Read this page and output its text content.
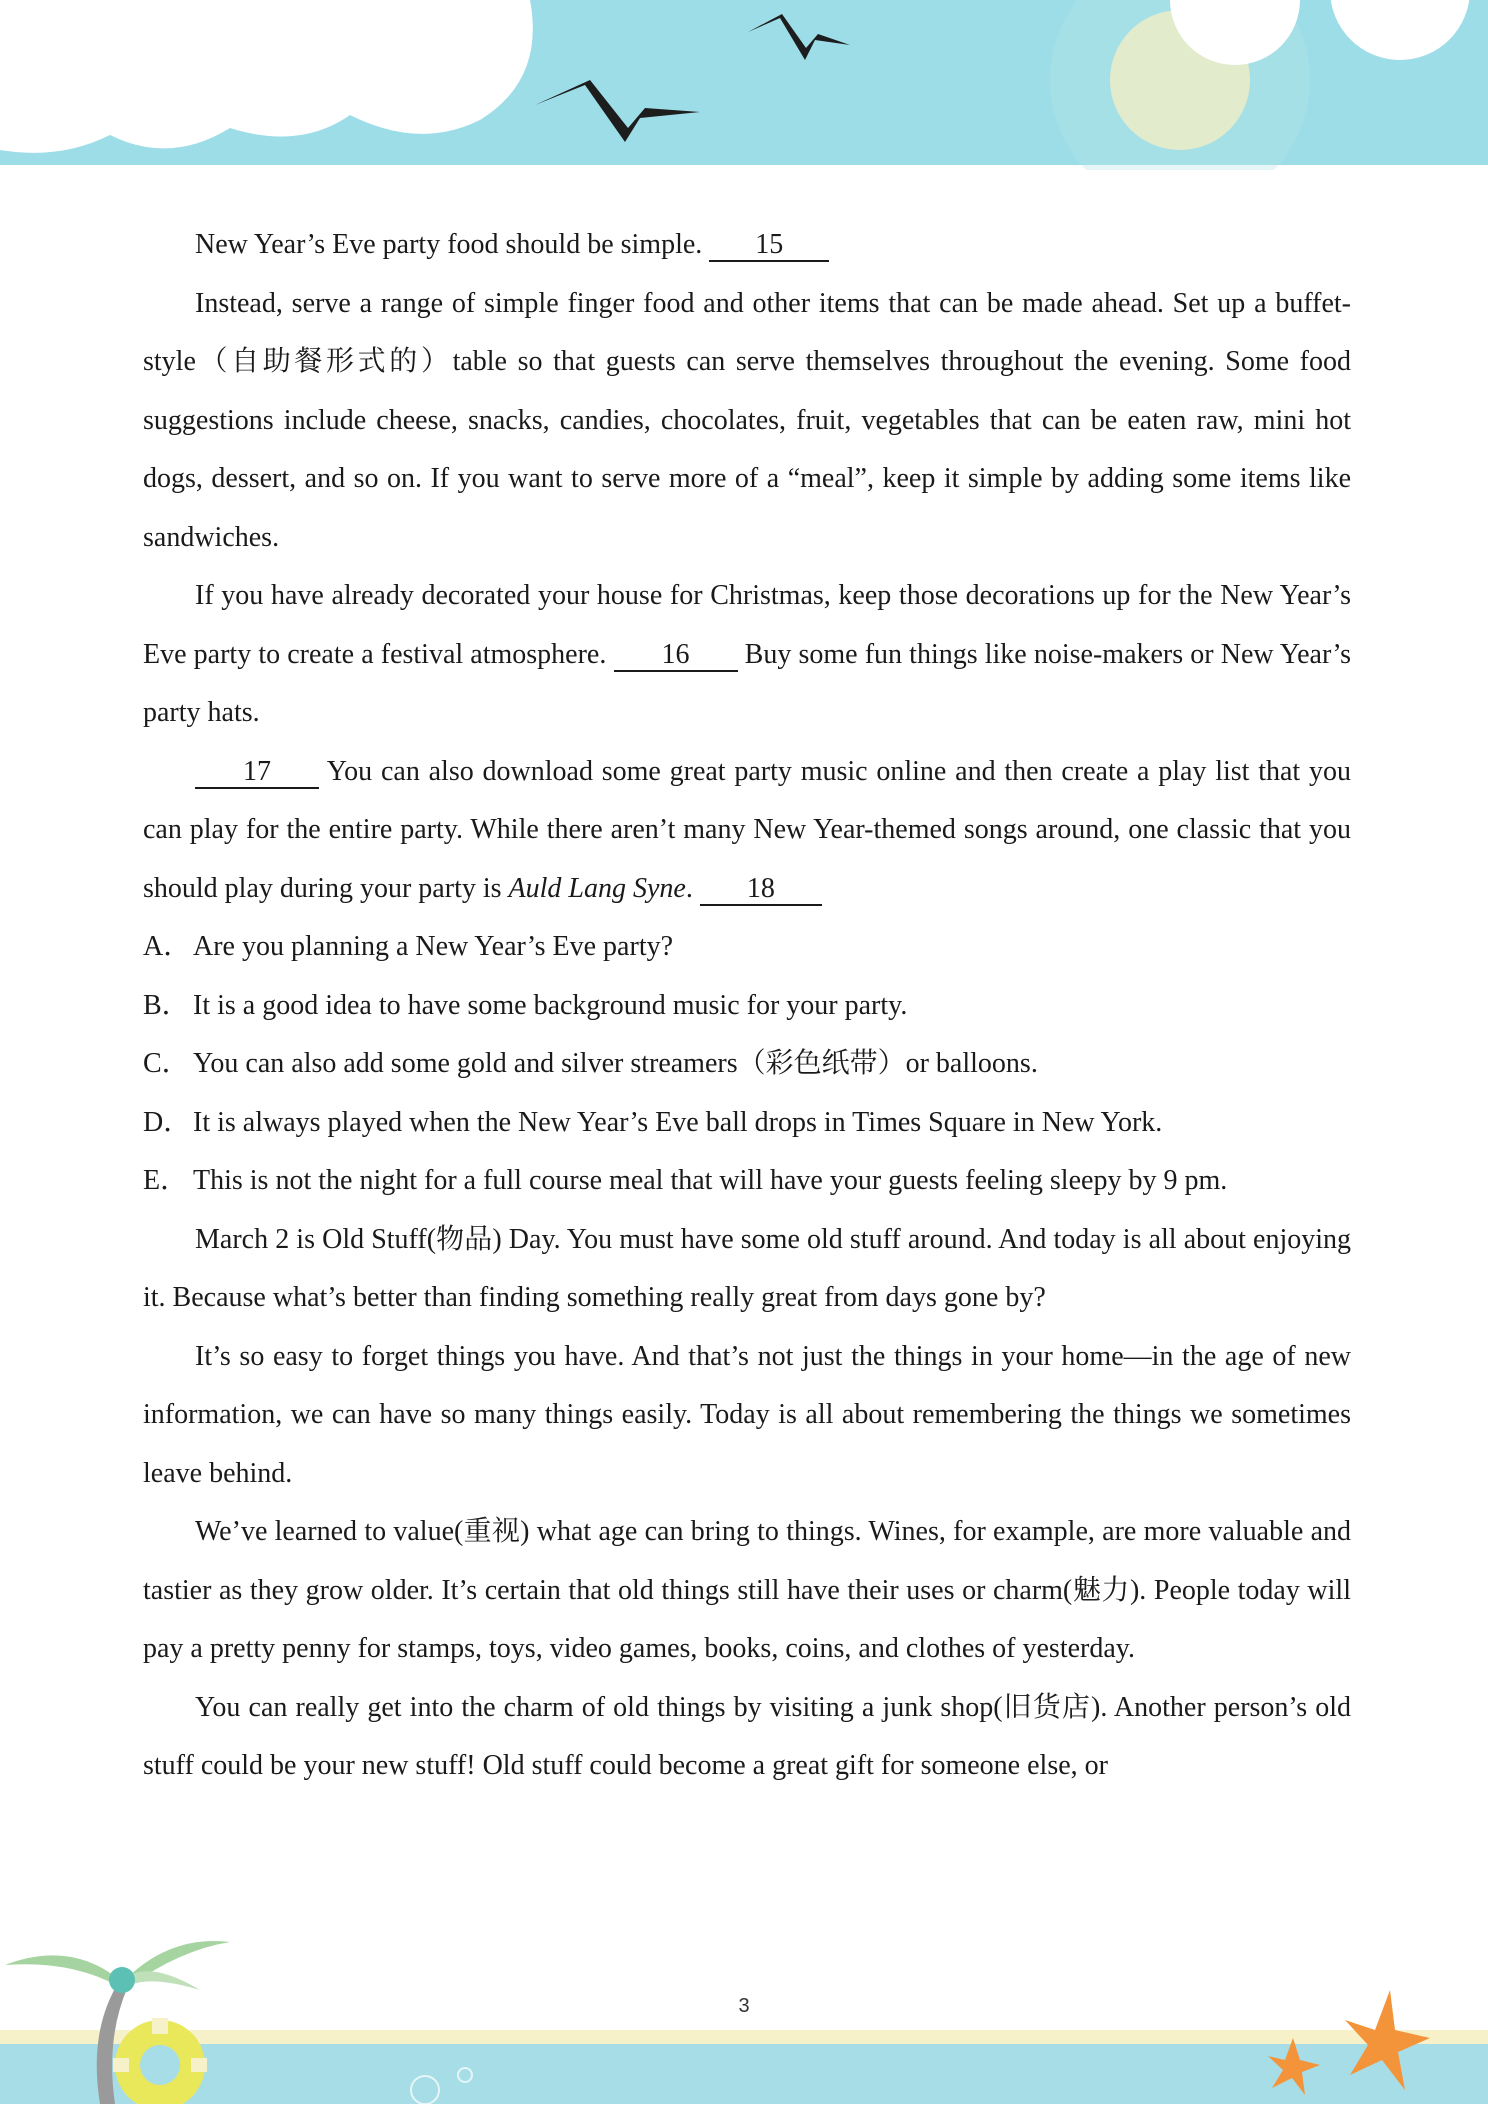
New Year’s Eve party food should be simple. 15

Instead, serve a range of simple finger food and other items that can be made ahead. Set up a buffet-style（自助餐形式的）table so that guests can serve themselves throughout the evening. Some food suggestions include cheese, snacks, candies, chocolates, fruit, vegetables that can be eaten raw, mini hot dogs, dessert, and so on. If you want to serve more of a “meal”, keep it simple by adding some items like sandwiches.

If you have already decorated your house for Christmas, keep those decorations up for the New Year’s Eve party to create a festival atmosphere. 16 Buy some fun things like noise-makers or New Year’s party hats.

17 You can also download some great party music online and then create a play list that you can play for the entire party. While there aren’t many New Year-themed songs around, one classic that you should play during your party is Auld Lang Syne. 18

A．Are you planning a New Year’s Eve party?

B． It is a good idea to have some background music for your party.

C． You can also add some gold and silver streamers（彩色纸带）or balloons.

D．It is always played when the New Year’s Eve ball drops in Times Square in New York.

E． This is not the night for a full course meal that will have your guests feeling sleepy by 9 pm.

March 2 is Old Stuff(物品) Day. You must have some old stuff around. And today is all about enjoying it. Because what’s better than finding something really great from days gone by?

It’s so easy to forget things you have. And that’s not just the things in your home—in the age of new information, we can have so many things easily. Today is all about remembering the things we sometimes leave behind.

We’ve learned to value(重视) what age can bring to things. Wines, for example, are more valuable and tastier as they grow older. It’s certain that old things still have their uses or charm(魅力). People today will pay a pretty penny for stamps, toys, video games, books, coins, and clothes of yesterday.

You can really get into the charm of old things by visiting a junk shop(旧货店). Another person’s old stuff could be your new stuff! Old stuff could become a great gift for someone else, or

3
